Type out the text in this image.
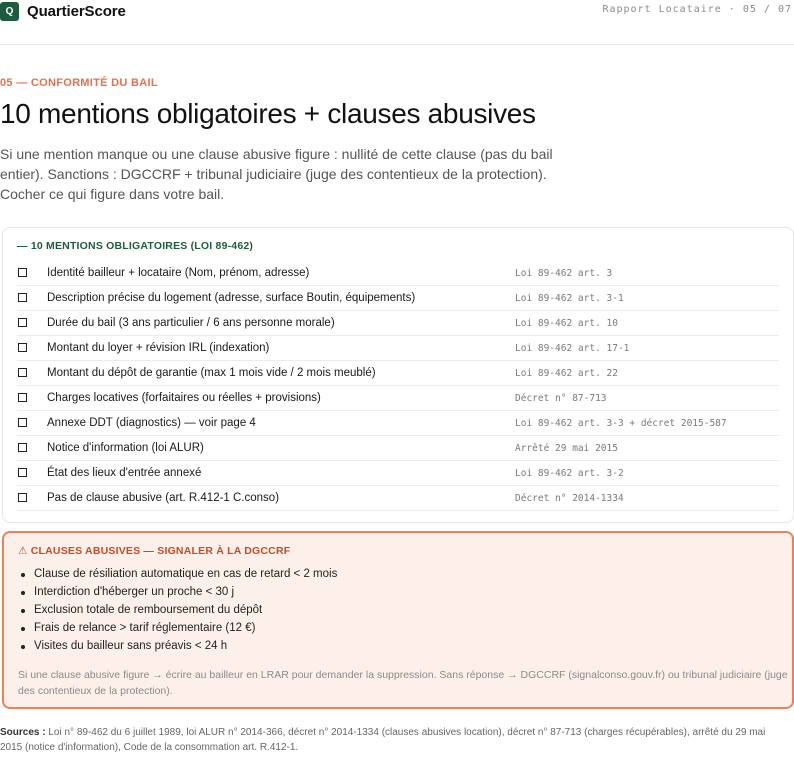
Q QuartierScore	Rapport Locataire · 05 / 07
05 — CONFORMITÉ DU BAIL
10 mentions obligatoires + clauses abusives

Si une mention manque ou une clause abusive figure : nullité de cette clause (pas du bail entier). Sanctions : DGCCRF + tribunal judiciaire (juge des contentieux de la protection). Cocher ce qui figure dans votre bail.

— 10 MENTIONS OBLIGATOIRES (LOI 89-462)
Identité bailleur + locataire (Nom, prénom, adresse)	Loi 89-462 art. 3
Description précise du logement (adresse, surface Boutin, équipements)	Loi 89-462 art. 3-1
Durée du bail (3 ans particulier / 6 ans personne morale)	Loi 89-462 art. 10
Montant du loyer + révision IRL (indexation)	Loi 89-462 art. 17-1
Montant du dépôt de garantie (max 1 mois vide / 2 mois meublé)	Loi 89-462 art. 22
Charges locatives (forfaitaires ou réelles + provisions)	Décret n° 87-713
Annexe DDT (diagnostics) — voir page 4	Loi 89-462 art. 3-3 + décret 2015-587
Notice d'information (loi ALUR)	Arrêté 29 mai 2015
État des lieux d'entrée annexé	Loi 89-462 art. 3-2
Pas de clause abusive (art. R.412-1 C.conso)	Décret n° 2014-1334
⚠ CLAUSES ABUSIVES — SIGNALER À LA DGCCRF
Clause de résiliation automatique en cas de retard < 2 mois
Interdiction d'héberger un proche < 30 j
Exclusion totale de remboursement du dépôt
Frais de relance > tarif réglementaire (12 €)
Visites du bailleur sans préavis < 24 h

Si une clause abusive figure → écrire au bailleur en LRAR pour demander la suppression. Sans réponse → DGCCRF (signalconso.gouv.fr) ou tribunal judiciaire (juge des contentieux de la protection).

Sources : Loi n° 89-462 du 6 juillet 1989, loi ALUR n° 2014-366, décret n° 2014-1334 (clauses abusives location), décret n° 87-713 (charges récupérables), arrêté du 29 mai 2015 (notice d'information), Code de la consommation art. R.412-1.
